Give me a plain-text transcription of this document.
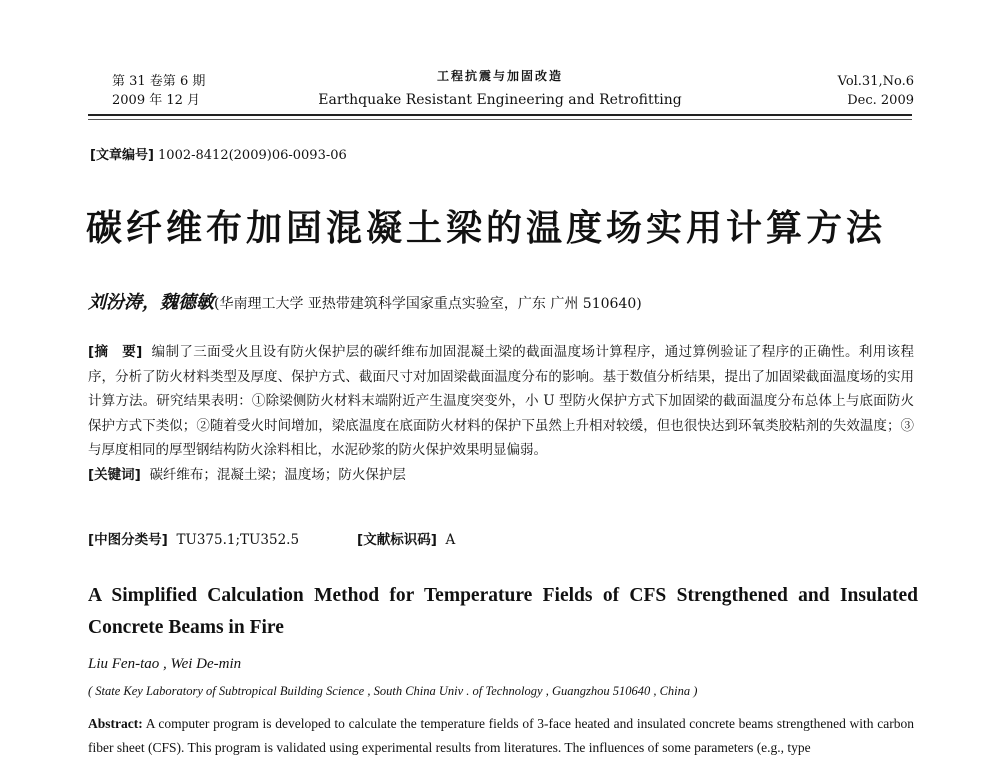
第 31 卷第 6 期
2009 年 12 月
工程抗震与加固改造
Earthquake Resistant Engineering and Retrofitting
Vol.31,No.6
Dec. 2009
[文章编号] 1002-8412(2009)06-0093-06
碳纤维布加固混凝土梁的温度场实用计算方法
刘汾涛，魏德敏(华南理工大学 亚热带建筑科学国家重点实验室，广东 广州 510640)

[摘　要] 编制了三面受火且设有防火保护层的碳纤维布加固混凝土梁的截面温度场计算程序，通过算例验证了程序的正确性。利用该程序，分析了防火材料类型及厚度、保护方式、截面尺寸对加固梁截面温度分布的影响。基于数值分析结果，提出了加固梁截面温度场的实用计算方法。研究结果表明：①除梁侧防火材料末端附近产生温度突变外，小 U 型防火保护方式下加固梁的截面温度分布总体上与底面防火保护方式下类似；②随着受火时间增加，梁底温度在底面防火材料的保护下虽然上升相对较缓，但也很快达到环氧类胶粘剂的失效温度；③与厚度相同的厚型钢结构防火涂料相比，水泥砂浆的防火保护效果明显偏弱。

[关键词] 碳纤维布；混凝土梁；温度场；防火保护层

[中图分类号] TU375.1;TU352.5	[文献标识码] A
A Simplified Calculation Method for Temperature Fields of CFS Strengthened and Insulated Concrete Beams in Fire
Liu Fen-tao , Wei De-min
( State Key Laboratory of Subtropical Building Science , South China Univ . of Technology , Guangzhou 510640 , China )
Abstract: A computer program is developed to calculate the temperature fields of 3-face heated and insulated concrete beams strengthened with carbon fiber sheet (CFS). This program is validated using experimental results from literatures. The influences of some parameters (e.g., type
